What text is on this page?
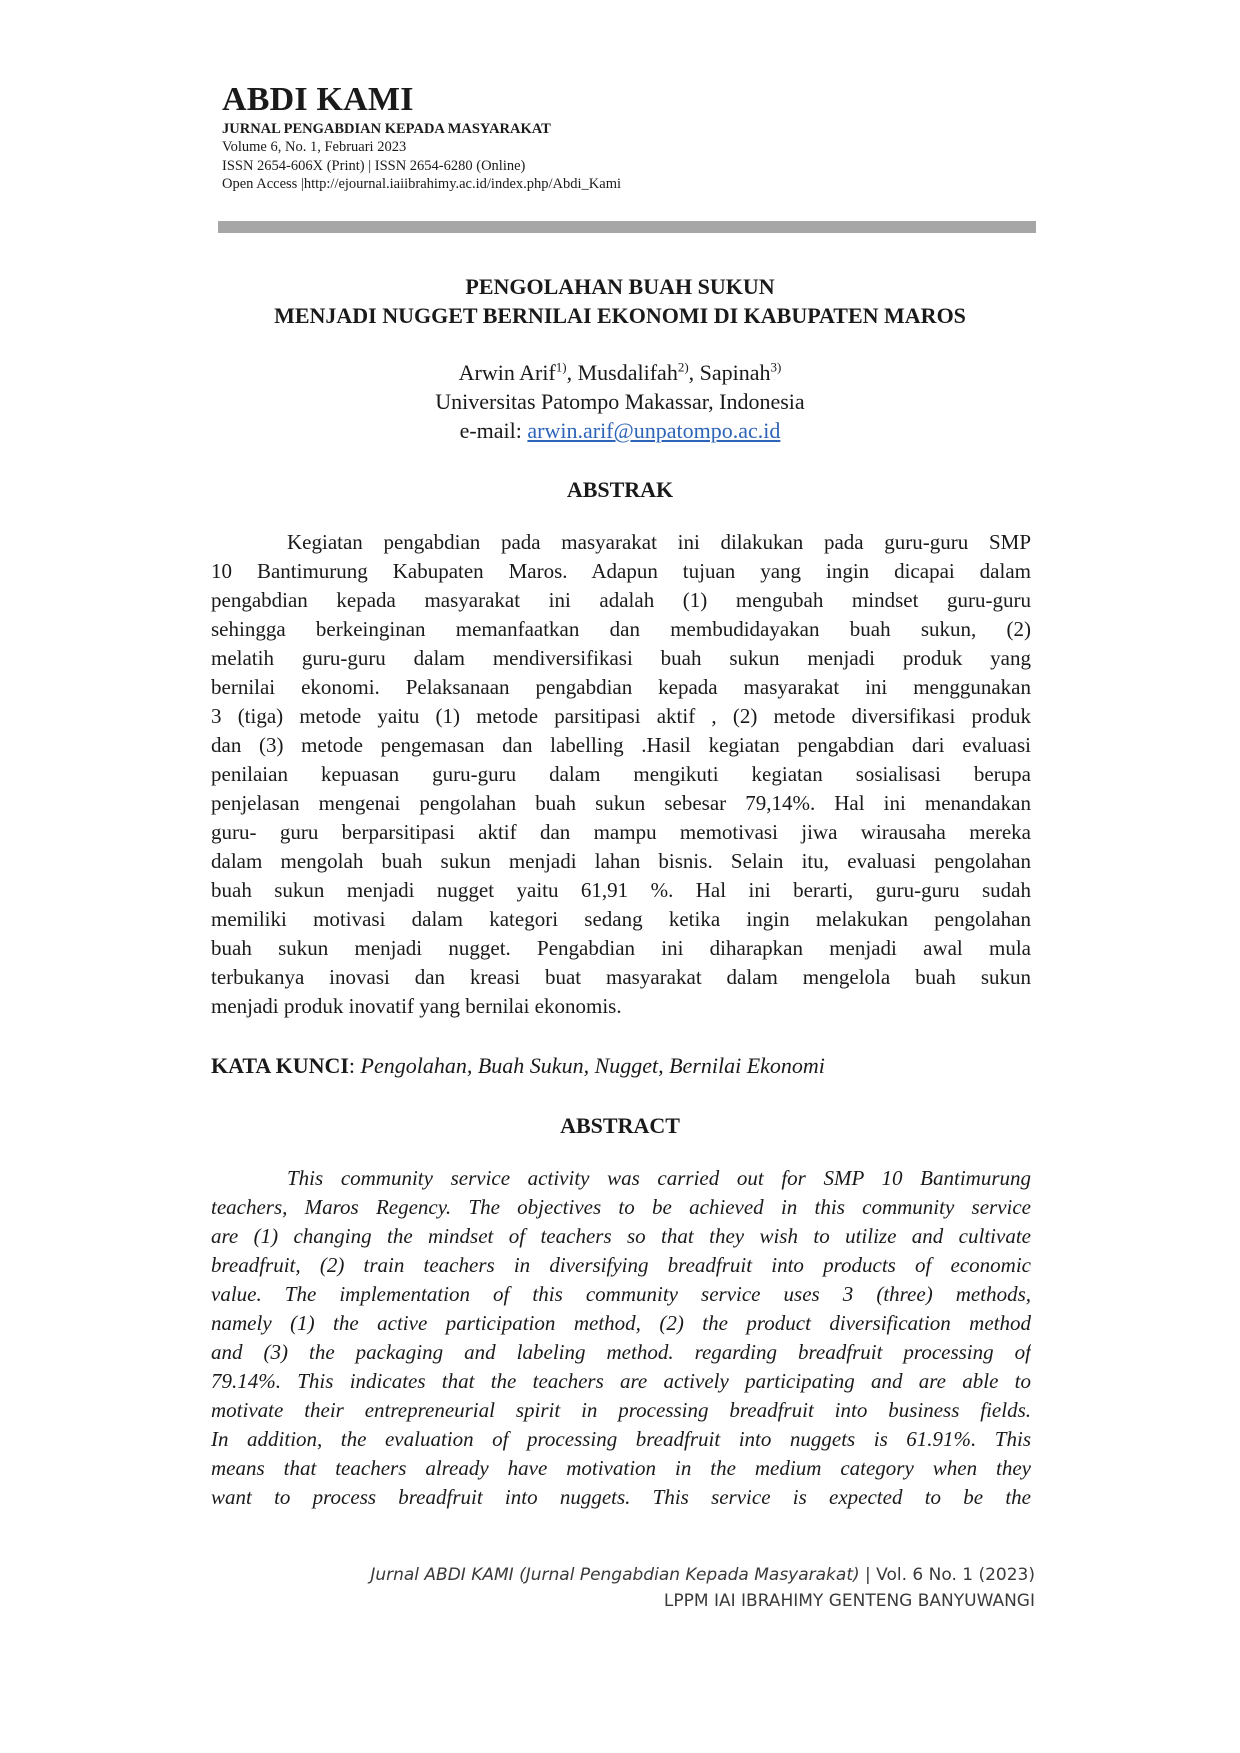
ABDI KAMI

JURNAL PENGABDIAN KEPADA MASYARAKAT

Volume 6, No. 1, Februari 2023

ISSN 2654-606X (Print) | ISSN 2654-6280 (Online)

Open Access |http://ejournal.iaiibrahimy.ac.id/index.php/Abdi_Kami

PENGOLAHAN BUAH SUKUN
MENJADI NUGGET BERNILAI EKONOMI DI KABUPATEN MAROS
Arwin Arif$^{1)}$, Musdalifah$^{2)}$, Sapinah$^{3)}$
Universitas Patompo Makassar, Indonesia
e-mail: arwin.arif@unpatompo.ac.id
ABSTRAK
Kegiatan pengabdian pada masyarakat ini dilakukan pada guru-guru SMP
10 Bantimurung Kabupaten Maros. Adapun tujuan yang ingin dicapai dalam
pengabdian kepada masyarakat ini adalah (1) mengubah mindset guru-guru
sehingga berkeinginan memanfaatkan dan membudidayakan buah sukun, (2)
melatih guru-guru dalam mendiversifikasi buah sukun menjadi produk yang
bernilai ekonomi. Pelaksanaan pengabdian kepada masyarakat ini menggunakan
3 (tiga) metode yaitu (1) metode parsitipasi aktif , (2) metode diversifikasi produk
dan (3) metode pengemasan dan labelling .Hasil kegiatan pengabdian dari evaluasi
penilaian kepuasan guru-guru dalam mengikuti kegiatan sosialisasi berupa
penjelasan mengenai pengolahan buah sukun sebesar 79,14%. Hal ini menandakan
guru- guru berparsitipasi aktif dan mampu memotivasi jiwa wirausaha mereka
dalam mengolah buah sukun menjadi lahan bisnis. Selain itu, evaluasi pengolahan
buah sukun menjadi nugget yaitu 61,91 %. Hal ini berarti, guru-guru sudah
memiliki motivasi dalam kategori sedang ketika ingin melakukan pengolahan
buah sukun menjadi nugget. Pengabdian ini diharapkan menjadi awal mula
terbukanya inovasi dan kreasi buat masyarakat dalam mengelola buah sukun
menjadi produk inovatif yang bernilai ekonomis.
KATA KUNCI: Pengolahan, Buah Sukun, Nugget, Bernilai Ekonomi
ABSTRACT
This community service activity was carried out for SMP 10 Bantimurung
teachers, Maros Regency. The objectives to be achieved in this community service
are (1) changing the mindset of teachers so that they wish to utilize and cultivate
breadfruit, (2) train teachers in diversifying breadfruit into products of economic
value. The implementation of this community service uses 3 (three) methods,
namely (1) the active participation method, (2) the product diversification method
and (3) the packaging and labeling method. regarding breadfruit processing of
79.14%. This indicates that the teachers are actively participating and are able to
motivate their entrepreneurial spirit in processing breadfruit into business fields.
In addition, the evaluation of processing breadfruit into nuggets is 61.91%. This
means that teachers already have motivation in the medium category when they
want to process breadfruit into nuggets. This service is expected to be the
Jurnal ABDI KAMI (Jurnal Pengabdian Kepada Masyarakat) | Vol. 6 No. 1 (2023)
LPPM IAI IBRAHIMY GENTENG BANYUWANGI
